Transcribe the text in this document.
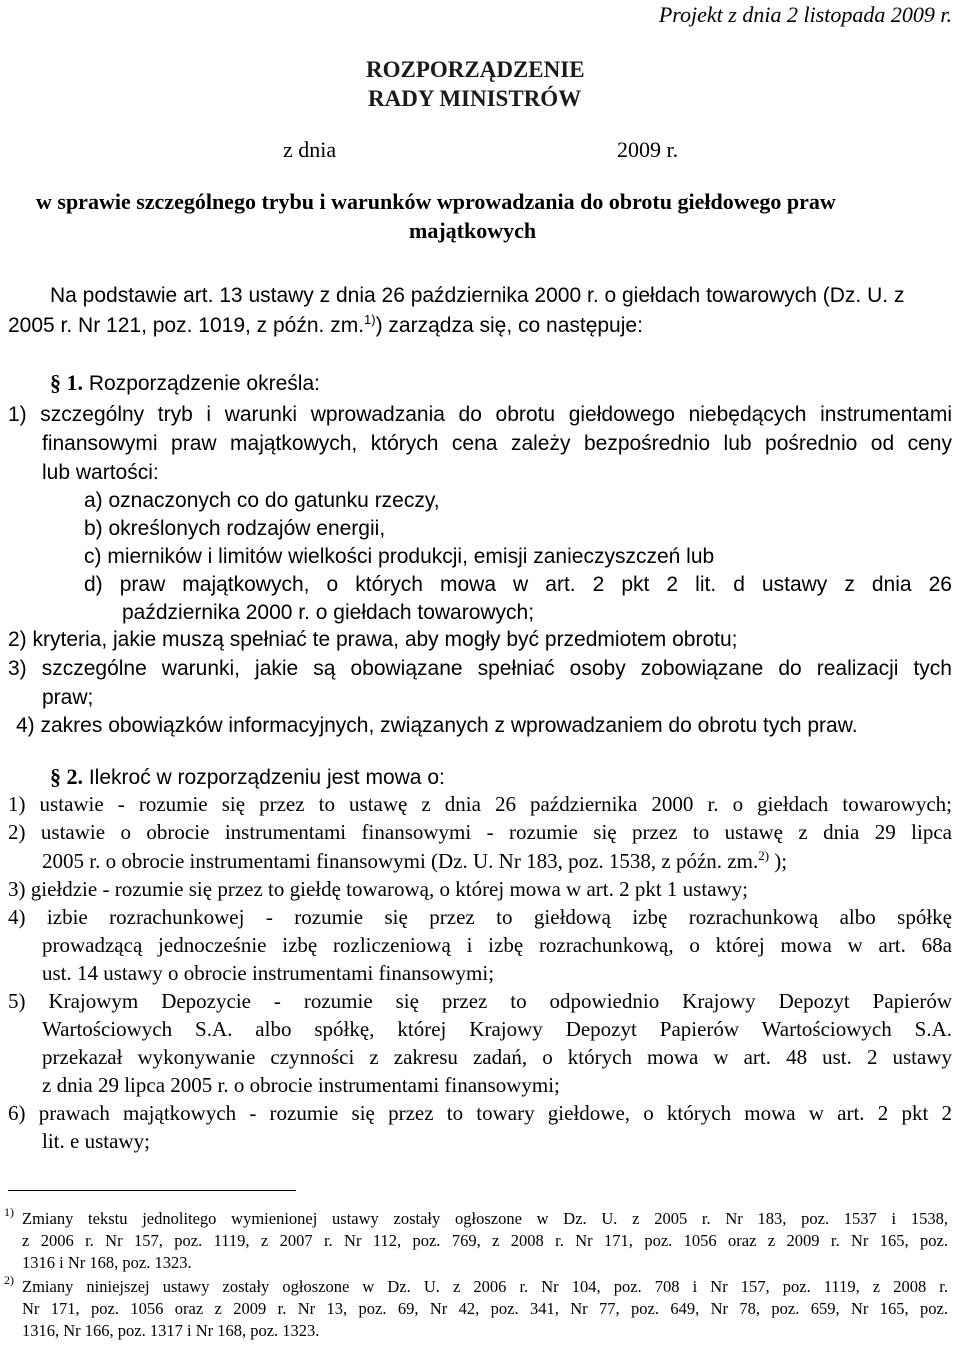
Projekt z dnia 2 listopada 2009 r.
ROZPORZĄDZENIE
RADY MINISTRÓW
z dnia	2009 r.
w sprawie szczególnego trybu i warunków wprowadzania do obrotu giełdowego praw
majątkowych
Na podstawie art. 13 ustawy z dnia 26 października 2000 r. o giełdach towarowych (Dz. U. z
2005 r. Nr 121, poz. 1019, z późn. zm.$^{1)}$) zarządza się, co następuje:
§ 1. Rozporządzenie określa:
1) szczególny tryb i warunki wprowadzania do obrotu giełdowego niebędących instrumentami
finansowymi praw majątkowych, których cena zależy bezpośrednio lub pośrednio od ceny
lub wartości:
a) oznaczonych co do gatunku rzeczy,
b) określonych rodzajów energii,
c) mierników i limitów wielkości produkcji, emisji zanieczyszczeń lub
d) praw majątkowych, o których mowa w art. 2 pkt 2 lit. d ustawy z dnia 26
października 2000 r. o giełdach towarowych;
2) kryteria, jakie muszą spełniać te prawa, aby mogły być przedmiotem obrotu;
3) szczególne warunki, jakie są obowiązane spełniać osoby zobowiązane do realizacji tych
praw;
4) zakres obowiązków informacyjnych, związanych z wprowadzaniem do obrotu tych praw.
§ 2. Ilekroć w rozporządzeniu jest mowa o:
1) ustawie - rozumie się przez to ustawę z dnia 26 października 2000 r. o giełdach towarowych;
2) ustawie o obrocie instrumentami finansowymi - rozumie się przez to ustawę z dnia 29 lipca
2005 r. o obrocie instrumentami finansowymi (Dz. U. Nr 183, poz. 1538, z późn. zm.$^{2)}$ );
3) giełdzie - rozumie się przez to giełdę towarową, o której mowa w art. 2 pkt 1 ustawy;
4) izbie rozrachunkowej - rozumie się przez to giełdową izbę rozrachunkową albo spółkę
prowadzącą jednocześnie izbę rozliczeniową i izbę rozrachunkową, o której mowa w art. 68a
ust. 14 ustawy o obrocie instrumentami finansowymi;
5) Krajowym Depozycie - rozumie się przez to odpowiednio Krajowy Depozyt Papierów
Wartościowych S.A. albo spółkę, której Krajowy Depozyt Papierów Wartościowych S.A.
przekazał wykonywanie czynności z zakresu zadań, o których mowa w art. 48 ust. 2 ustawy
z dnia 29 lipca 2005 r. o obrocie instrumentami finansowymi;
6) prawach majątkowych - rozumie się przez to towary giełdowe, o których mowa w art. 2 pkt 2
lit. e ustawy;
1) Zmiany tekstu jednolitego wymienionej ustawy zostały ogłoszone w Dz. U. z 2005 r. Nr 183, poz. 1537 i 1538,
z 2006 r. Nr 157, poz. 1119, z 2007 r. Nr 112, poz. 769, z 2008 r. Nr 171, poz. 1056 oraz z 2009 r. Nr 165, poz.
1316 i Nr 168, poz. 1323.
2) Zmiany niniejszej ustawy zostały ogłoszone w Dz. U. z 2006 r. Nr 104, poz. 708 i Nr 157, poz. 1119, z 2008 r.
Nr 171, poz. 1056 oraz z 2009 r. Nr 13, poz. 69, Nr 42, poz. 341, Nr 77, poz. 649, Nr 78, poz. 659, Nr 165, poz.
1316, Nr 166, poz. 1317 i Nr 168, poz. 1323.
